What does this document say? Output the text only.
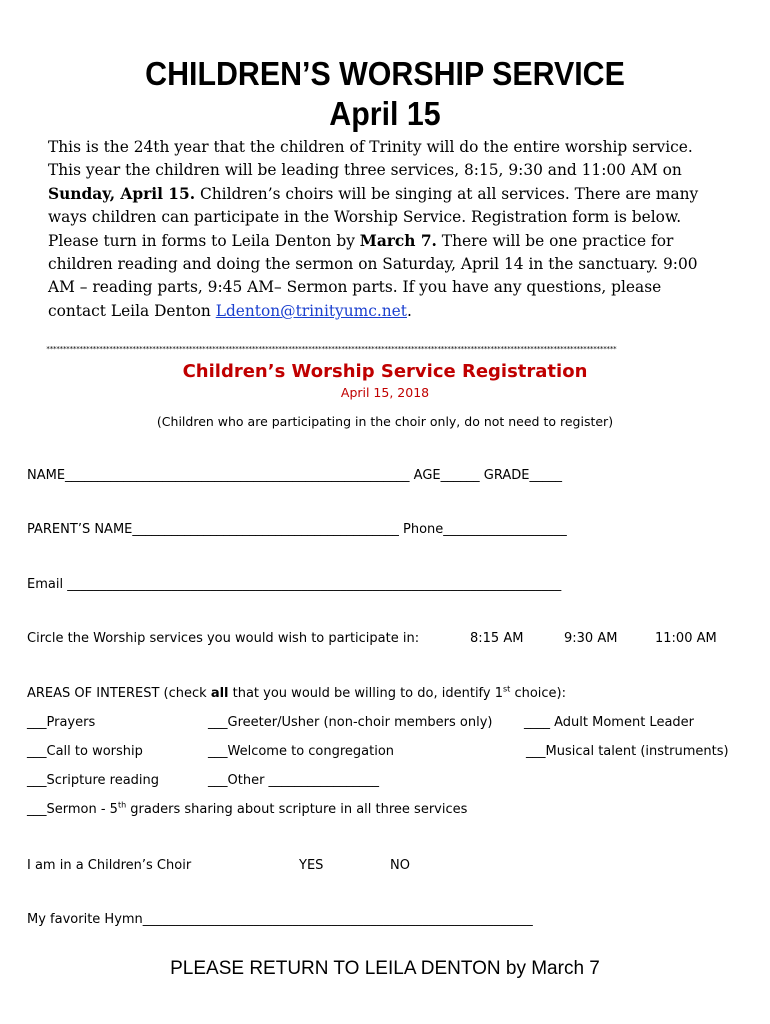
CHILDREN’S WORSHIP SERVICE
April 15
This is the 24th year that the children of Trinity will do the entire worship service.
This year the children will be leading three services, 8:15, 9:30 and 11:00 AM on
Sunday, April 15. Children’s choirs will be singing at all services. There are many
ways children can participate in the Worship Service. Registration form is below.
Please turn in forms to Leila Denton by March 7. There will be one practice for
children reading and doing the sermon on Saturday, April 14 in the sanctuary. 9:00
AM – reading parts, 9:45 AM– Sermon parts. If you have any questions, please
contact Leila Denton Ldenton@trinityumc.net.
****************************************************************************************************************************************************************************
Children’s Worship Service Registration
April 15, 2018
(Children who are participating in the choir only, do not need to register)
NAME_____________________________________________________ AGE______ GRADE_____
PARENT’S NAME_________________________________________ Phone___________________
Email ____________________________________________________________________________
Circle the Worship services you would wish to participate in:	8:15 AM	9:30 AM	11:00 AM
AREAS OF INTEREST (check all that you would be willing to do, identify 1st choice):
___Prayers	___Greeter/Usher (non-choir members only) ____ Adult Moment Leader
___Call to worship	___Welcome to congregation	___Musical talent (instruments)
___Scripture reading	___Other _________________
___Sermon - 5th graders sharing about scripture in all three services
I am in a Children’s Choir	YES	NO
My favorite Hymn____________________________________________________________
PLEASE RETURN TO LEILA DENTON by March 7
